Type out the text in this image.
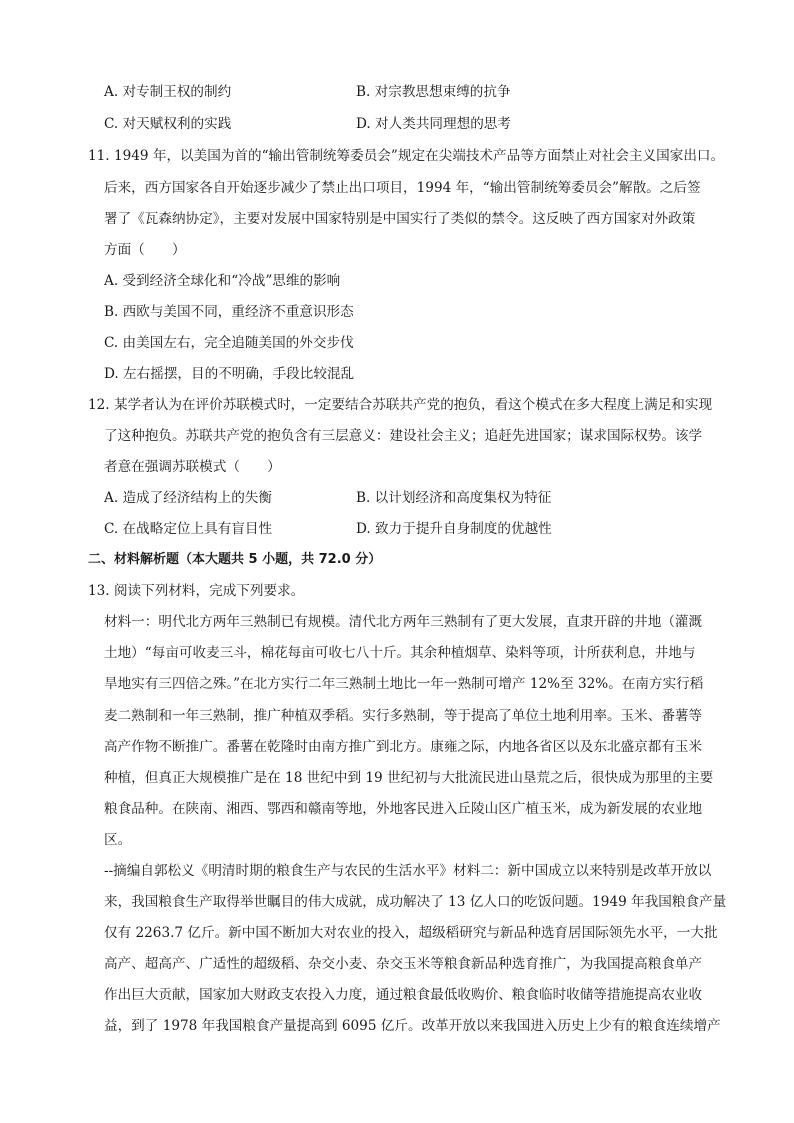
A. 对专制王权的制约	B. 对宗教思想束缚的抗争
C. 对天赋权利的实践	D. 对人类共同理想的思考
11. 1949 年，以美国为首的“输出管制统筹委员会”规定在尖端技术产品等方面禁止对社会主义国家出口。
后来，西方国家各自开始逐步减少了禁止出口项目，1994 年，“输出管制统筹委员会”解散。之后签
署了《瓦森纳协定》，主要对发展中国家特别是中国实行了类似的禁令。这反映了西方国家对外政策
方面（　　）
A. 受到经济全球化和“冷战”思维的影响
B. 西欧与美国不同，重经济不重意识形态
C. 由美国左右，完全追随美国的外交步伐
D. 左右摇摆，目的不明确，手段比较混乱
12. 某学者认为在评价苏联模式时，一定要结合苏联共产党的抱负，看这个模式在多大程度上满足和实现
了这种抱负。苏联共产党的抱负含有三层意义：建设社会主义；追赶先进国家；谋求国际权势。该学
者意在强调苏联模式（　　）
A. 造成了经济结构上的失衡	B. 以计划经济和高度集权为特征
C. 在战略定位上具有盲目性	D. 致力于提升自身制度的优越性
二、材料解析题（本大题共 5 小题，共 72.0 分）
13. 阅读下列材料，完成下列要求。
材料一：明代北方两年三熟制已有规模。清代北方两年三熟制有了更大发展，直隶开辟的井地（灌溉
土地）“每亩可收麦三斗，棉花每亩可收七八十斤。其余种植烟草、染料等项，计所获利息，井地与
旱地实有三四倍之殊。”在北方实行二年三熟制土地比一年一熟制可增产 12%至 32%。在南方实行稻
麦二熟制和一年三熟制，推广种植双季稻。实行多熟制，等于提高了单位土地利用率。玉米、番薯等
高产作物不断推广。番薯在乾隆时由南方推广到北方。康雍之际，内地各省区以及东北盛京都有玉米
种植，但真正大规模推广是在 18 世纪中到 19 世纪初与大批流民进山垦荒之后，很快成为那里的主要
粮食品种。在陕南、湘西、鄂西和赣南等地，外地客民进入丘陵山区广植玉米，成为新发展的农业地
区。
--摘编自郭松义《明清时期的粮食生产与农民的生活水平》材料二：新中国成立以来特别是改革开放以
来，我国粮食生产取得举世瞩目的伟大成就，成功解决了 13 亿人口的吃饭问题。1949 年我国粮食产量
仅有 2263.7 亿斤。新中国不断加大对农业的投入，超级稻研究与新品种选育居国际领先水平，一大批
高产、超高产、广适性的超级稻、杂交小麦、杂交玉米等粮食新品种选育推广，为我国提高粮食单产
作出巨大贡献，国家加大财政支农投入力度，通过粮食最低收购价、粮食临时收储等措施提高农业收
益，到了 1978 年我国粮食产量提高到 6095 亿斤。改革开放以来我国进入历史上少有的粮食连续增产
